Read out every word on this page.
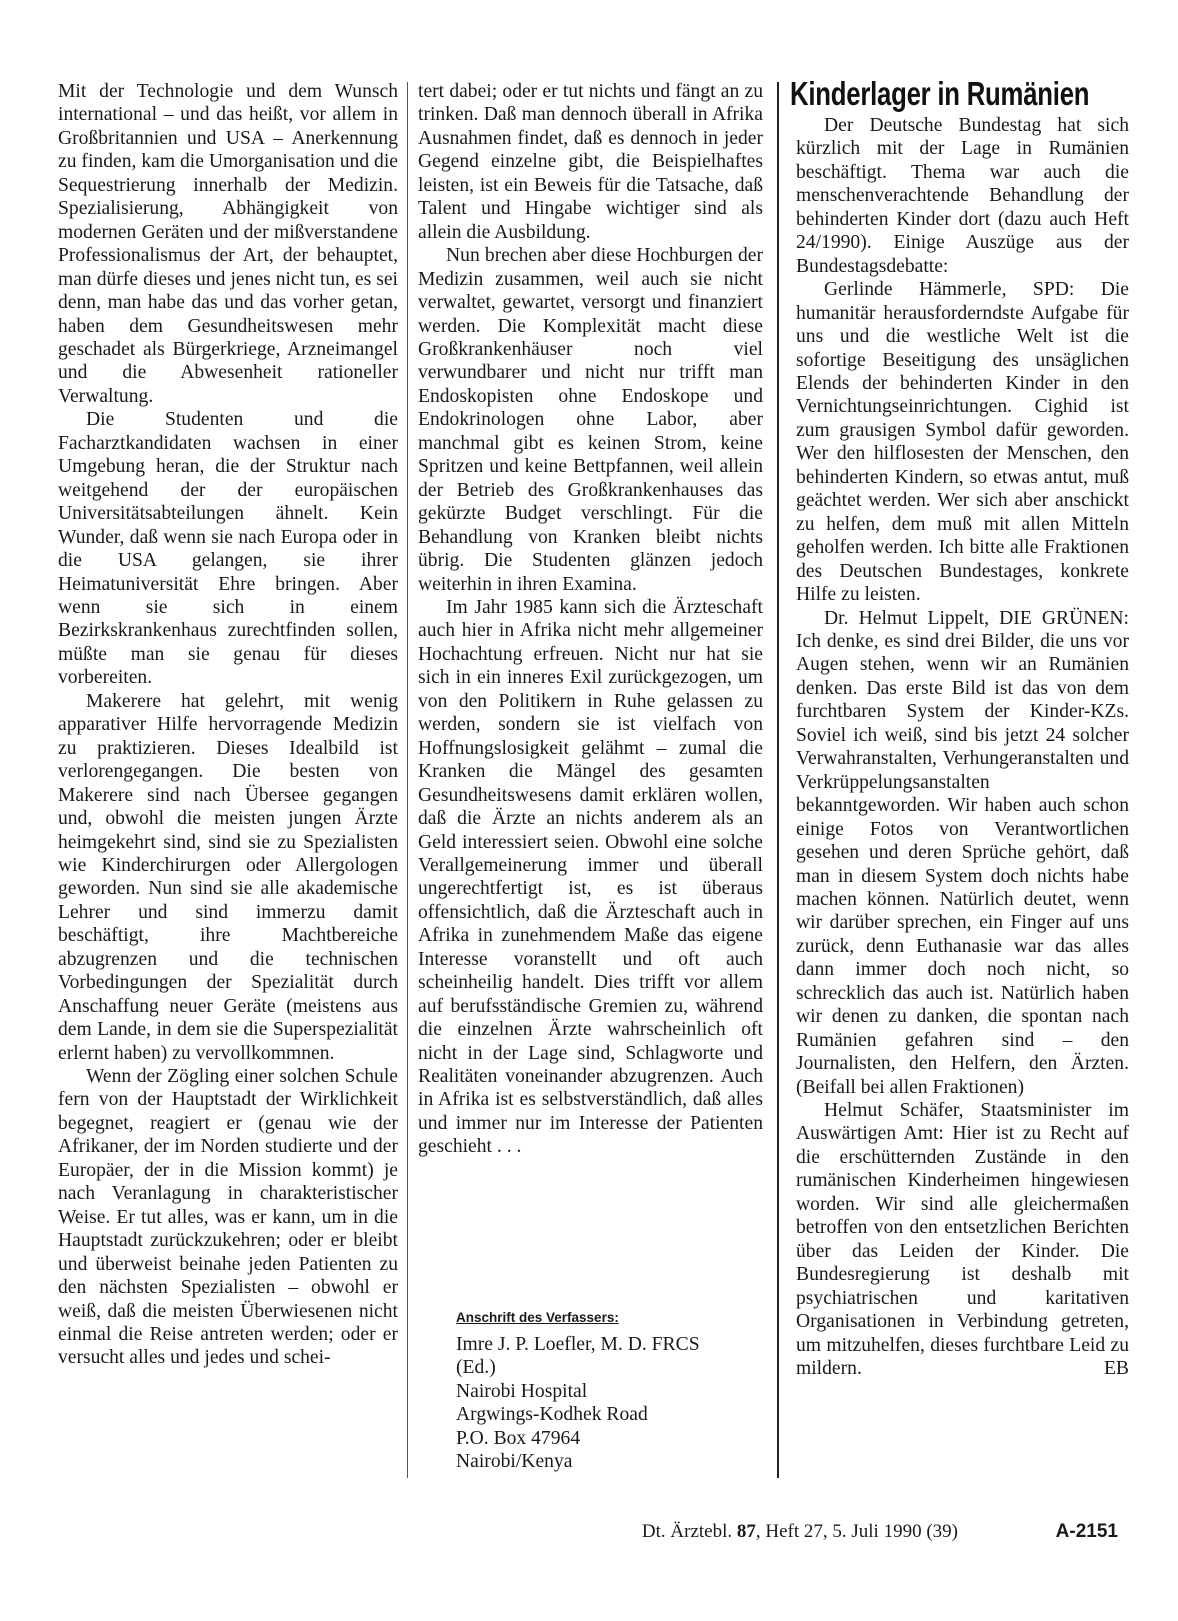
Mit der Technologie und dem Wunsch international – und das heißt, vor allem in Großbritannien und USA – Anerkennung zu finden, kam die Umorganisation und die Sequestrierung innerhalb der Medizin. Spezialisierung, Abhängigkeit von modernen Geräten und der mißverstandene Professionalismus der Art, der behauptet, man dürfe dieses und jenes nicht tun, es sei denn, man habe das und das vorher getan, haben dem Gesundheitswesen mehr geschadet als Bürgerkriege, Arzneimangel und die Abwesenheit rationeller Verwaltung.

Die Studenten und die Facharztkandidaten wachsen in einer Umgebung heran, die der Struktur nach weitgehend der der europäischen Universitätsabteilungen ähnelt. Kein Wunder, daß wenn sie nach Europa oder in die USA gelangen, sie ihrer Heimatuniversität Ehre bringen. Aber wenn sie sich in einem Bezirkskrankenhaus zurechtfinden sollen, müßte man sie genau für dieses vorbereiten.

Makerere hat gelehrt, mit wenig apparativer Hilfe hervorragende Medizin zu praktizieren. Dieses Idealbild ist verlorengegangen. Die besten von Makerere sind nach Übersee gegangen und, obwohl die meisten jungen Ärzte heimgekehrt sind, sind sie zu Spezialisten wie Kinderchirurgen oder Allergologen geworden. Nun sind sie alle akademische Lehrer und sind immerzu damit beschäftigt, ihre Machtbereiche abzugrenzen und die technischen Vorbedingungen der Spezialität durch Anschaffung neuer Geräte (meistens aus dem Lande, in dem sie die Superspezialität erlernt haben) zu vervollkommnen.

Wenn der Zögling einer solchen Schule fern von der Hauptstadt der Wirklichkeit begegnet, reagiert er (genau wie der Afrikaner, der im Norden studierte und der Europäer, der in die Mission kommt) je nach Veranlagung in charakteristischer Weise. Er tut alles, was er kann, um in die Hauptstadt zurückzukehren; oder er bleibt und überweist beinahe jeden Patienten zu den nächsten Spezialisten – obwohl er weiß, daß die meisten Überwiesenen nicht einmal die Reise antreten werden; oder er versucht alles und jedes und schei-

tert dabei; oder er tut nichts und fängt an zu trinken. Daß man dennoch überall in Afrika Ausnahmen findet, daß es dennoch in jeder Gegend einzelne gibt, die Beispielhaftes leisten, ist ein Beweis für die Tatsache, daß Talent und Hingabe wichtiger sind als allein die Ausbildung.

Nun brechen aber diese Hochburgen der Medizin zusammen, weil auch sie nicht verwaltet, gewartet, versorgt und finanziert werden. Die Komplexität macht diese Großkrankenhäuser noch viel verwundbarer und nicht nur trifft man Endoskopisten ohne Endoskope und Endokrinologen ohne Labor, aber manchmal gibt es keinen Strom, keine Spritzen und keine Bettpfannen, weil allein der Betrieb des Großkrankenhauses das gekürzte Budget verschlingt. Für die Behandlung von Kranken bleibt nichts übrig. Die Studenten glänzen jedoch weiterhin in ihren Examina.

Im Jahr 1985 kann sich die Ärzteschaft auch hier in Afrika nicht mehr allgemeiner Hochachtung erfreuen. Nicht nur hat sie sich in ein inneres Exil zurückgezogen, um von den Politikern in Ruhe gelassen zu werden, sondern sie ist vielfach von Hoffnungslosigkeit gelähmt – zumal die Kranken die Mängel des gesamten Gesundheitswesens damit erklären wollen, daß die Ärzte an nichts anderem als an Geld interessiert seien. Obwohl eine solche Verallgemeinerung immer und überall ungerechtfertigt ist, es ist überaus offensichtlich, daß die Ärzteschaft auch in Afrika in zunehmendem Maße das eigene Interesse voranstellt und oft auch scheinheilig handelt. Dies trifft vor allem auf berufsständische Gremien zu, während die einzelnen Ärzte wahrscheinlich oft nicht in der Lage sind, Schlagworte und Realitäten voneinander abzugrenzen. Auch in Afrika ist es selbstverständlich, daß alles und immer nur im Interesse der Patienten geschieht . . .

Anschrift des Verfassers:
Imre J. P. Loefler, M. D. FRCS
(Ed.)
Nairobi Hospital
Argwings-Kodhek Road
P.O. Box 47964
Nairobi/Kenya
Kinderlager in Rumänien

Der Deutsche Bundestag hat sich kürzlich mit der Lage in Rumänien beschäftigt. Thema war auch die menschenverachtende Behandlung der behinderten Kinder dort (dazu auch Heft 24/1990). Einige Auszüge aus der Bundestagsdebatte:

Gerlinde Hämmerle, SPD: Die humanitär herausforderndste Aufgabe für uns und die westliche Welt ist die sofortige Beseitigung des unsäglichen Elends der behinderten Kinder in den Vernichtungseinrichtungen. Cighid ist zum grausigen Symbol dafür geworden. Wer den hilflosesten der Menschen, den behinderten Kindern, so etwas antut, muß geächtet werden. Wer sich aber anschickt zu helfen, dem muß mit allen Mitteln geholfen werden. Ich bitte alle Fraktionen des Deutschen Bundestages, konkrete Hilfe zu leisten.

Dr. Helmut Lippelt, DIE GRÜNEN: Ich denke, es sind drei Bilder, die uns vor Augen stehen, wenn wir an Rumänien denken. Das erste Bild ist das von dem furchtbaren System der Kinder-KZs. Soviel ich weiß, sind bis jetzt 24 solcher Verwahranstalten, Verhungeranstalten und Verkrüppelungsanstalten bekanntgeworden. Wir haben auch schon einige Fotos von Verantwortlichen gesehen und deren Sprüche gehört, daß man in diesem System doch nichts habe machen können. Natürlich deutet, wenn wir darüber sprechen, ein Finger auf uns zurück, denn Euthanasie war das alles dann immer doch noch nicht, so schrecklich das auch ist. Natürlich haben wir denen zu danken, die spontan nach Rumänien gefahren sind – den Journalisten, den Helfern, den Ärzten. (Beifall bei allen Fraktionen)

Helmut Schäfer, Staatsminister im Auswärtigen Amt: Hier ist zu Recht auf die erschütternden Zustände in den rumänischen Kinderheimen hingewiesen worden. Wir sind alle gleichermaßen betroffen von den entsetzlichen Berichten über das Leiden der Kinder. Die Bundesregierung ist deshalb mit psychiatrischen und karitativen Organisationen in Verbindung getreten, um mitzuhelfen, dieses furchtbare Leid zu mildern.	EB

Dt. Ärztebl. 87, Heft 27, 5. Juli 1990 (39)	A-2151
